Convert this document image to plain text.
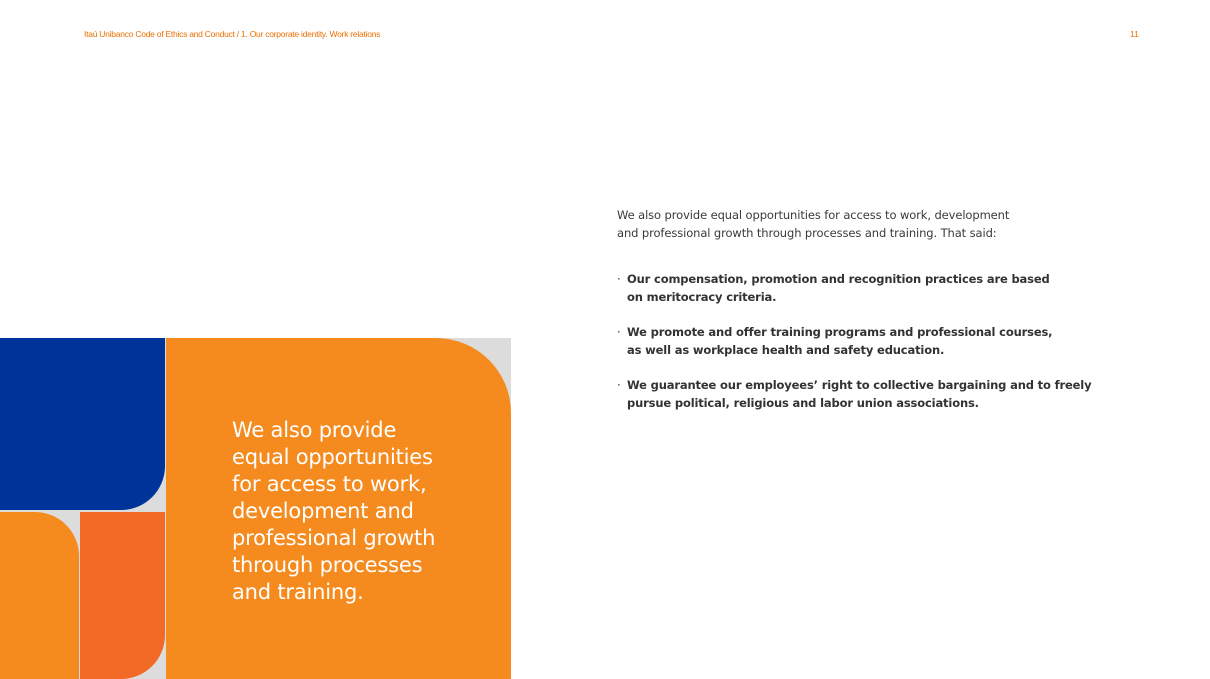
Itaú Unibanco Code of Ethics and Conduct / 1. Our corporate identity. Work relations	11

We also provide
equal opportunities
for access to work,
development and
professional growth
through processes
and training.

We also provide equal opportunities for access to work, development
and professional growth through processes and training. That said:

· Our compensation, promotion and recognition practices are based
on meritocracy criteria.
· We promote and offer training programs and professional courses,
as well as workplace health and safety education.
· We guarantee our employees’ right to collective bargaining and to freely
pursue political, religious and labor union associations.
